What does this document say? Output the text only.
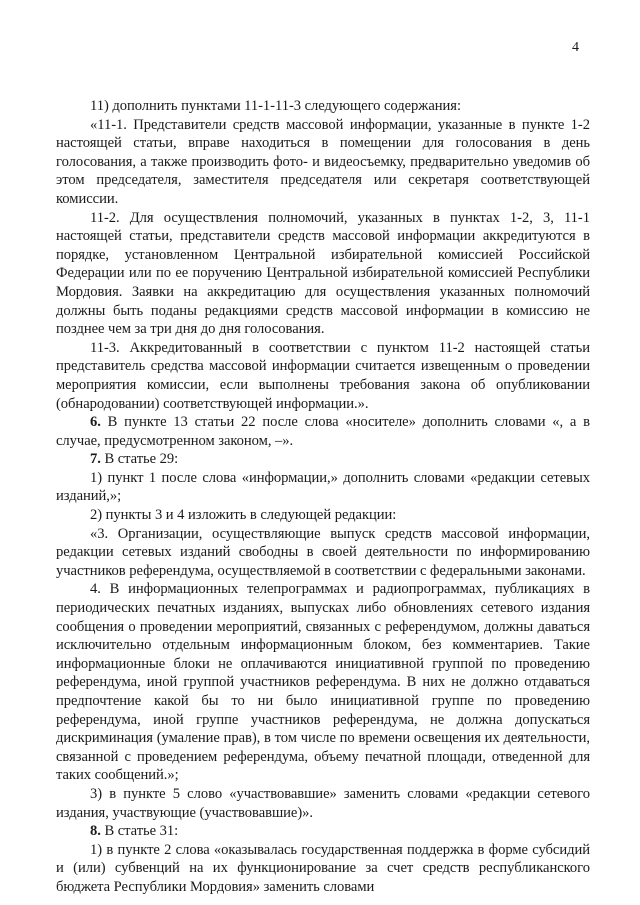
4

11) дополнить пунктами 11-1-11-3 следующего содержания:

«11-1. Представители средств массовой информации, указанные в пункте 1-2 настоящей статьи, вправе находиться в помещении для голосования в день голосования, а также производить фото- и видеосъемку, предварительно уведомив об этом председателя, заместителя председателя или секретаря соответствующей комиссии.

11-2. Для осуществления полномочий, указанных в пунктах 1-2, 3, 11-1 настоящей статьи, представители средств массовой информации аккредитуются в порядке, установленном Центральной избирательной комиссией Российской Федерации или по ее поручению Центральной избирательной комиссией Республики Мордовия. Заявки на аккредитацию для осуществления указанных полномочий должны быть поданы редакциями средств массовой информации в комиссию не позднее чем за три дня до дня голосования.

11-3. Аккредитованный в соответствии с пунктом 11-2 настоящей статьи представитель средства массовой информации считается извещенным о проведении мероприятия комиссии, если выполнены требования закона об опубликовании (обнародовании) соответствующей информации.».

6. В пункте 13 статьи 22 после слова «носителе» дополнить словами «, а в случае, предусмотренном законом, –».

7. В статье 29:

1) пункт 1 после слова «информации,» дополнить словами «редакции сетевых изданий,»;

2) пункты 3 и 4 изложить в следующей редакции:

«3. Организации, осуществляющие выпуск средств массовой информации, редакции сетевых изданий свободны в своей деятельности по информированию участников референдума, осуществляемой в соответствии с федеральными законами.

4. В информационных телепрограммах и радиопрограммах, публикациях в периодических печатных изданиях, выпусках либо обновлениях сетевого издания сообщения о проведении мероприятий, связанных с референдумом, должны даваться исключительно отдельным информационным блоком, без комментариев. Такие информационные блоки не оплачиваются инициативной группой по проведению референдума, иной группой участников референдума. В них не должно отдаваться предпочтение какой бы то ни было инициативной группе по проведению референдума, иной группе участников референдума, не должна допускаться дискриминация (умаление прав), в том числе по времени освещения их деятельности, связанной с проведением референдума, объему печатной площади, отведенной для таких сообщений.»;

3) в пункте 5 слово «участвовавшие» заменить словами «редакции сетевого издания, участвующие (участвовавшие)».

8. В статье 31:

1) в пункте 2 слова «оказывалась государственная поддержка в форме субсидий и (или) субвенций на их функционирование за счет средств республиканского бюджета Республики Мордовия» заменить словами
